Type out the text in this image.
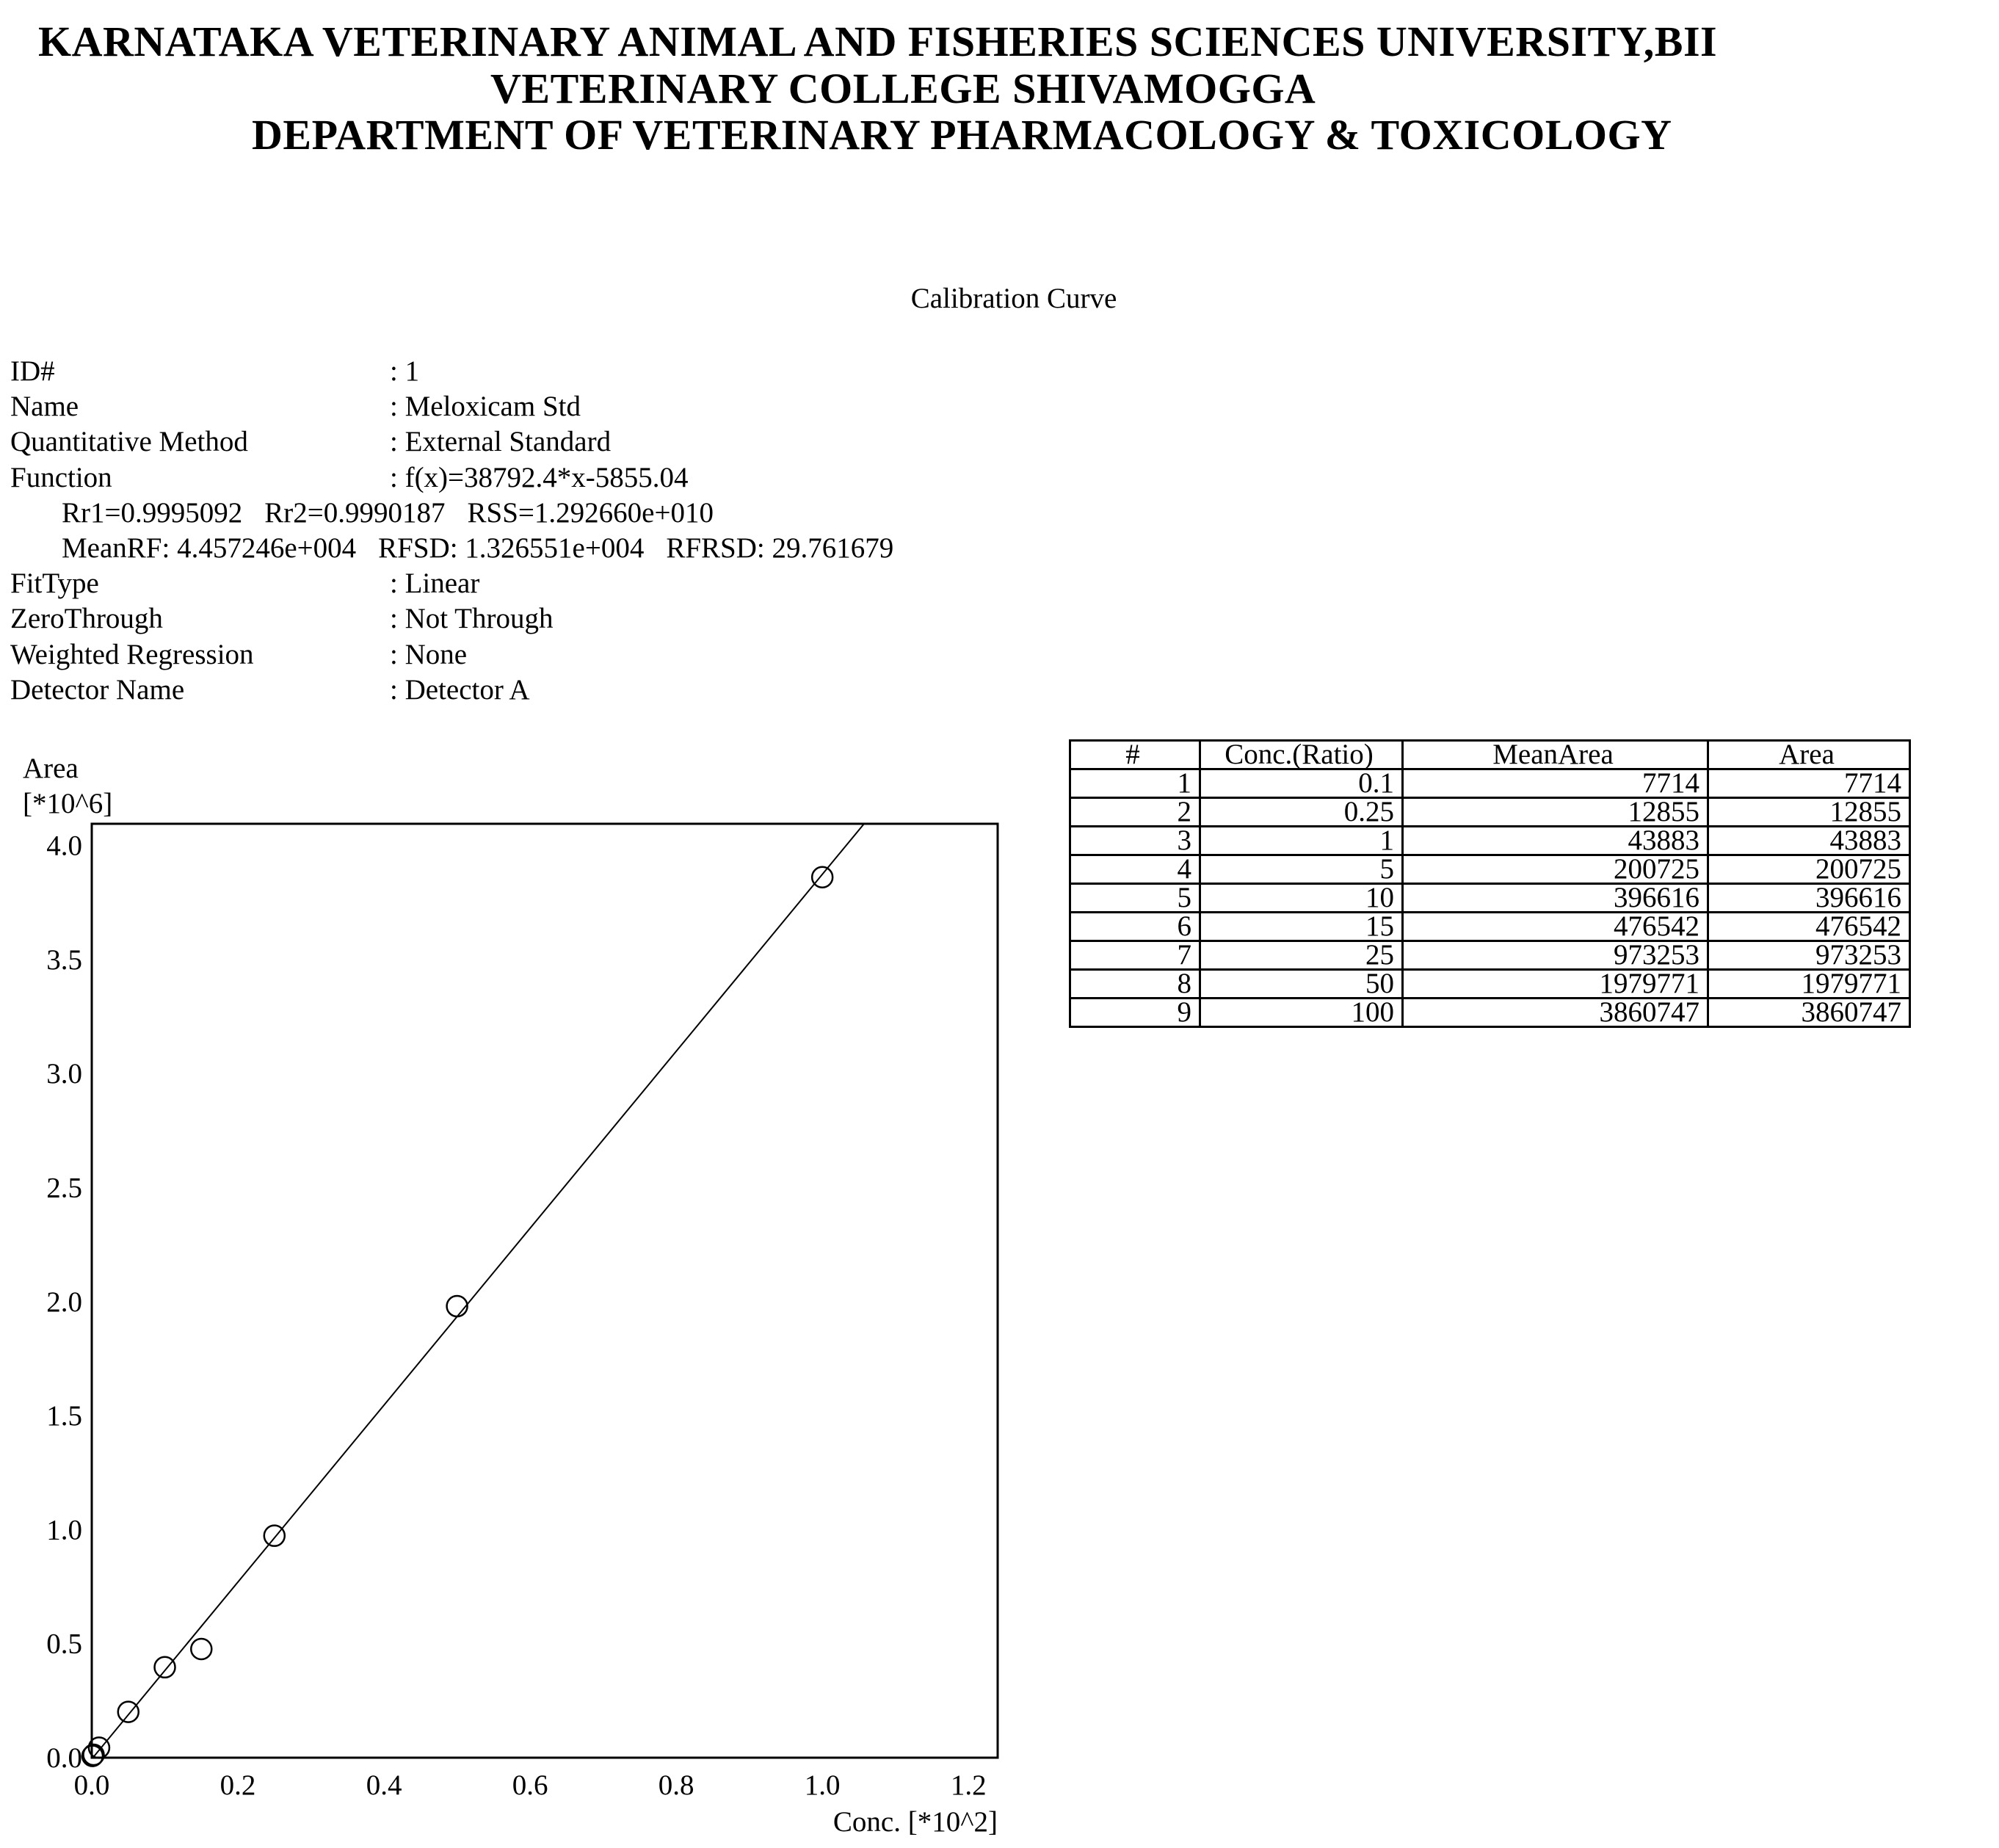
KARNATAKA VETERINARY ANIMAL AND FISHERIES SCIENCES UNIVERSITY,BII
VETERINARY COLLEGE SHIVAMOGGA
DEPARTMENT OF VETERINARY PHARMACOLOGY & TOXICOLOGY
Calibration Curve
ID#	: 1
Name	: Meloxicam Std
Quantitative Method	: External Standard
Function	: f(x)=38792.4*x-5855.04
Rr1=0.9995092 Rr2=0.9990187 RSS=1.292660e+010
MeanRF: 4.457246e+004 RFSD: 1.326551e+004 RFRSD: 29.761679
FitType	: Linear
ZeroThrough	: Not Through
Weighted Regression	: None
Detector Name	: Detector A
#	Conc.(Ratio)	MeanArea	Area
1	0.1	7714	7714
2	0.25	12855	12855
3	1	43883	43883
4	5	200725	200725
5	10	396616	396616
6	15	476542	476542
7	25	973253	973253
8	50	1979771	1979771
9	100	3860747	3860747
Area
[*10^6]
Conc. [*10^2]
0.0	0.2	0.4	0.6	0.8	1.0	1.2
0.0
0.5
1.0
1.5
2.0
2.5
3.0
3.5
4.0
